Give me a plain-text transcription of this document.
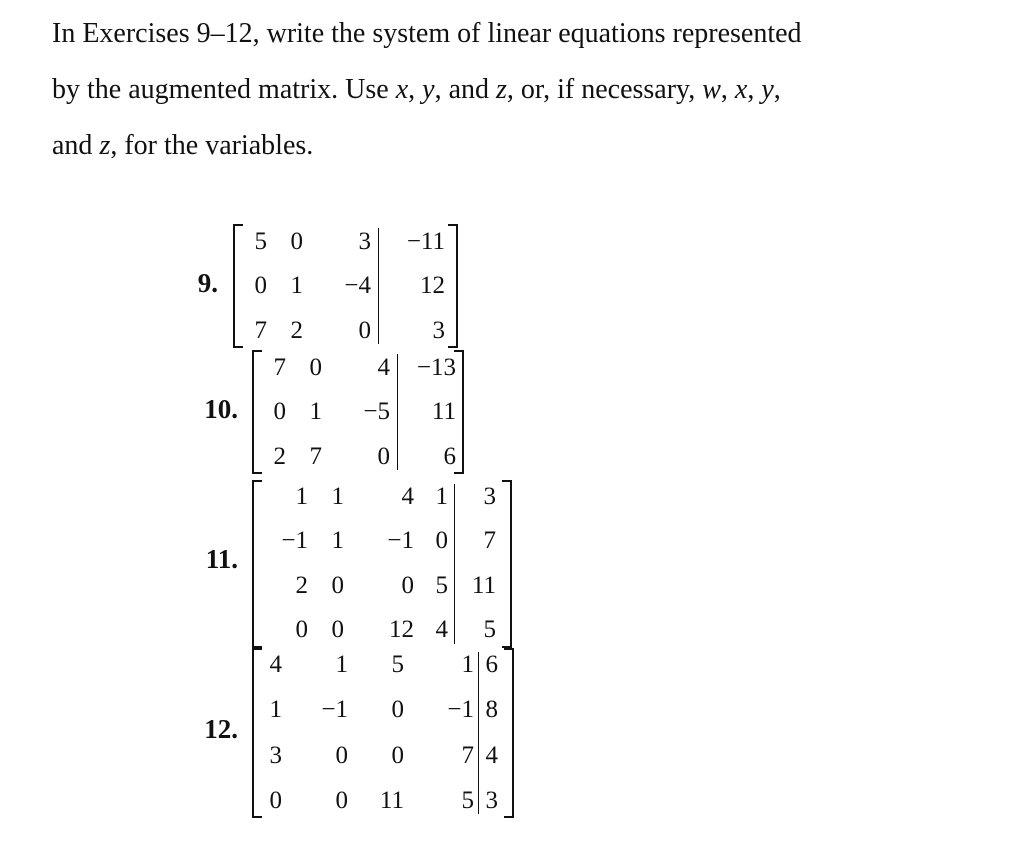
In Exercises 9–12, write the system of linear equations represented
by the augmented matrix. Use x, y, and z, or, if necessary, w, x, y,
and z, for the variables.
9.
5 0	3	−11
0 1	−4	12
7 2	0	3
10.
7 0	4	−13
0 1	−5	11
2 7	0	6
11.
1 1	4 1	3
−1 1	−1 0	7
2 0	0 5 11
0 0	12 4	5
12.
4	1	5	1 6
1	−1	0	−1 8
3	0	0	7 4
0	0	11	5 3
